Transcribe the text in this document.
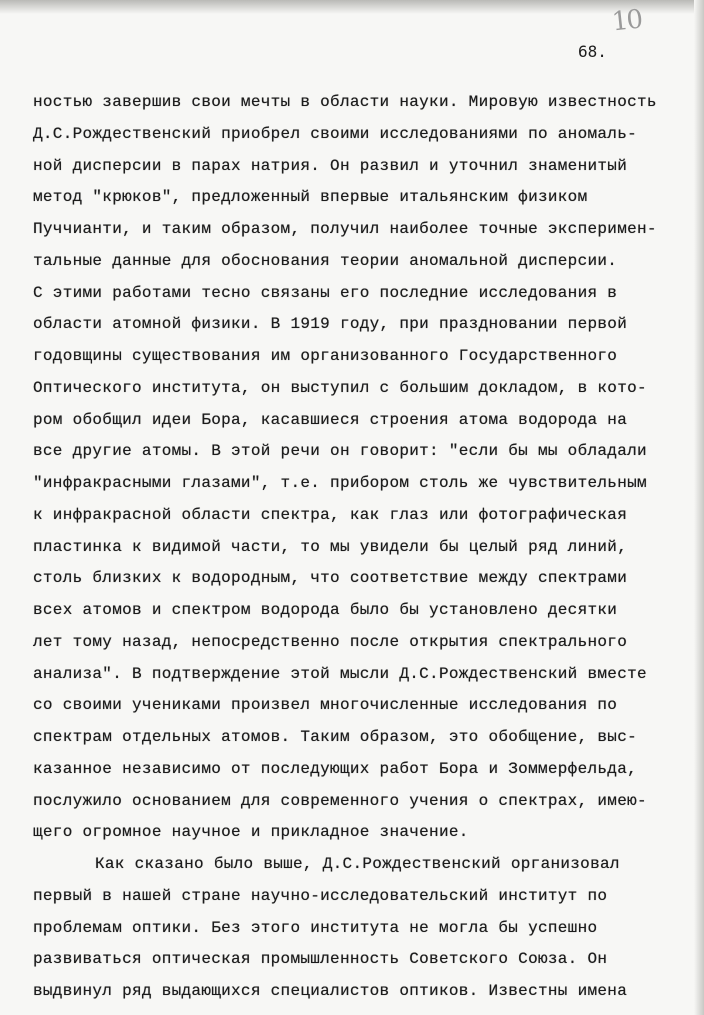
10
68.
ностью завершив свои мечты в области науки. Мировую известность
Д.С.Рождественский приобрел своими исследованиями по аномаль-
ной дисперсии в парах натрия. Он развил и уточнил знаменитый
метод "крюков", предложенный впервые итальянским физиком
Пуччианти, и таким образом, получил наиболее точные эксперимен-
тальные данные для обоснования теории аномальной дисперсии.
С этими работами тесно связаны его последние исследования в
области атомной физики. В 1919 году, при праздновании первой
годовщины существования им организованного Государственного
Оптического института, он выступил с большим докладом, в кото-
ром обобщил идеи Бора, касавшиеся строения атома водорода на
все другие атомы. В этой речи он говорит: "если бы мы обладали
"инфракрасными глазами", т.е. прибором столь же чувствительным
к инфракрасной области спектра, как глаз или фотографическая
пластинка к видимой части, то мы увидели бы целый ряд линий,
столь близких к водородным, что соответствие между спектрами
всех атомов и спектром водорода было бы установлено десятки
лет тому назад, непосредственно после открытия спектрального
анализа". В подтверждение этой мысли Д.С.Рождественский вместе
со своими учениками произвел многочисленные исследования по
спектрам отдельных атомов. Таким образом, это обобщение, выс-
казанное независимо от последующих работ Бора и Зоммерфельда,
послужило основанием для современного учения о спектрах, имею-
щего огромное научное и прикладное значение.
Как сказано было выше, Д.С.Рождественский организовал
первый в нашей стране научно-исследовательский институт по
проблемам оптики. Без этого института не могла бы успешно
развиваться оптическая промышленность Советского Союза. Он
выдвинул ряд выдающихся специалистов оптиков. Известны имена
